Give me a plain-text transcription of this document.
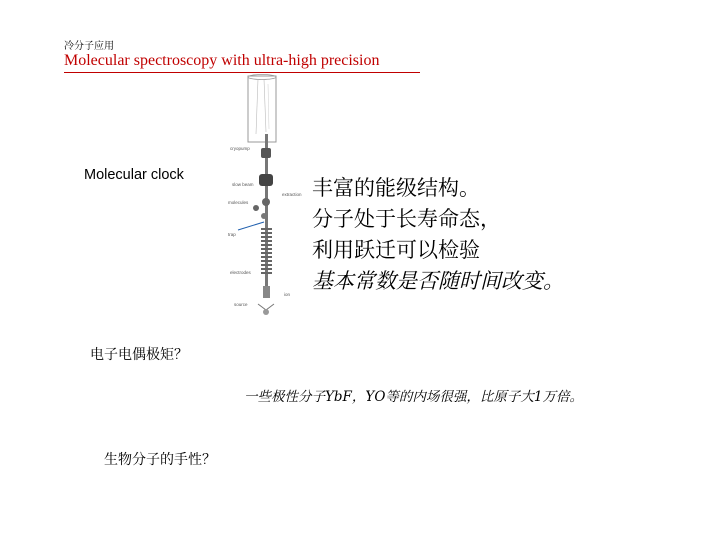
冷分子应用
Molecular spectroscopy with ultra-high precision
Molecular clock
cryopump
slow beam
molecules
trap
electrodes
source
extraction
ion
丰富的能级结构。
分子处于长寿命态，
利用跃迁可以检验
基本常数是否随时间改变。
电子电偶极矩？
一些极性分子YbF，YO等的内场很强，比原子大1万倍。
生物分子的手性？
